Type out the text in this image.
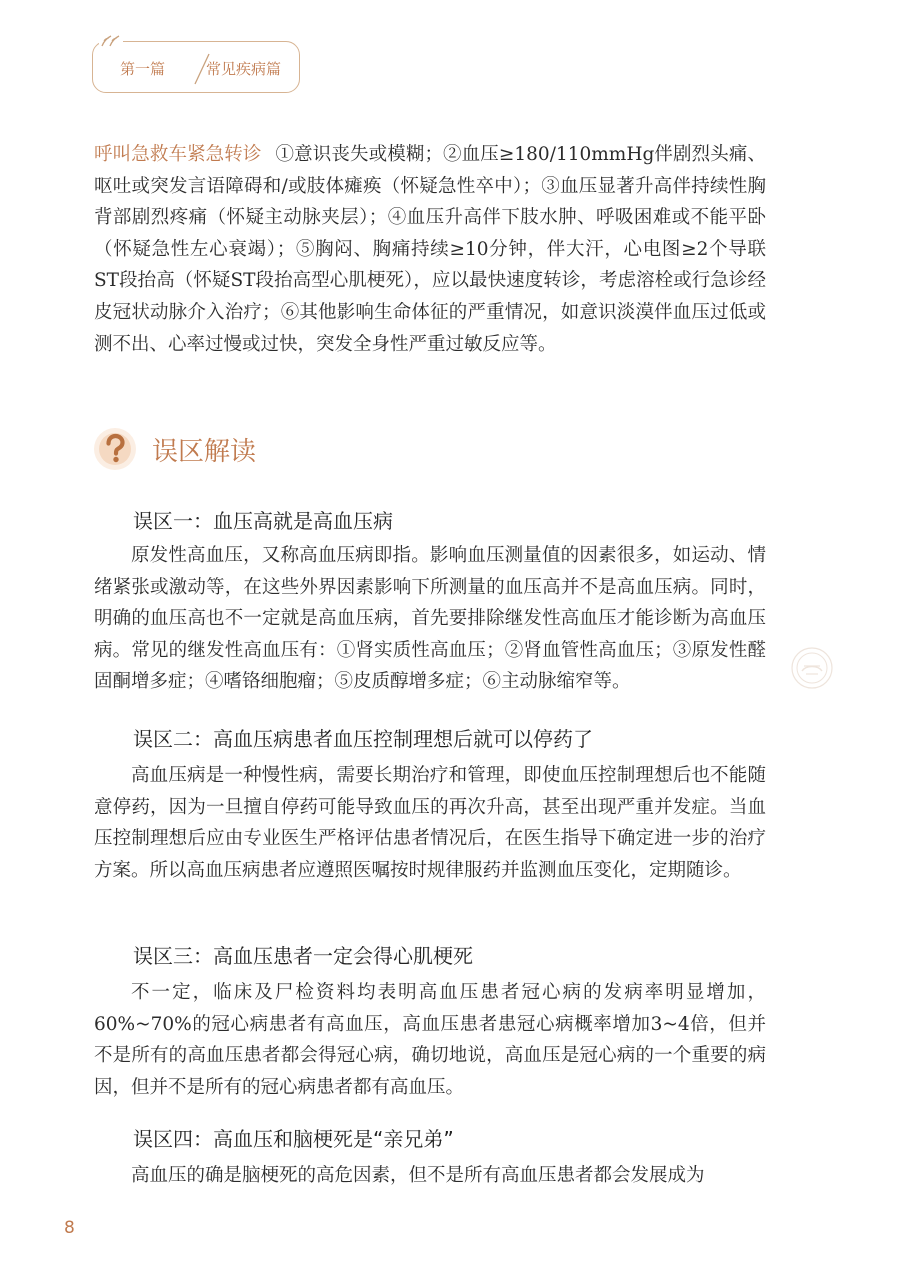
第一篇	常见疾病篇

呼叫急救车紧急转诊 ①意识丧失或模糊；②血压≥180/110mmHg伴剧烈头痛、呕吐或突发言语障碍和/或肢体瘫痪（怀疑急性卒中）；③血压显著升高伴持续性胸背部剧烈疼痛（怀疑主动脉夹层）；④血压升高伴下肢水肿、呼吸困难或不能平卧（怀疑急性左心衰竭）；⑤胸闷、胸痛持续≥10分钟，伴大汗，心电图≥2个导联ST段抬高（怀疑ST段抬高型心肌梗死），应以最快速度转诊，考虑溶栓或行急诊经皮冠状动脉介入治疗；⑥其他影响生命体征的严重情况，如意识淡漠伴血压过低或测不出、心率过慢或过快，突发全身性严重过敏反应等。

误区解读
误区一：血压高就是高血压病

原发性高血压，又称高血压病即指。影响血压测量值的因素很多，如运动、情绪紧张或激动等，在这些外界因素影响下所测量的血压高并不是高血压病。同时，明确的血压高也不一定就是高血压病，首先要排除继发性高血压才能诊断为高血压病。常见的继发性高血压有：①肾实质性高血压；②肾血管性高血压；③原发性醛固酮增多症；④嗜铬细胞瘤；⑤皮质醇增多症；⑥主动脉缩窄等。

误区二：高血压病患者血压控制理想后就可以停药了

高血压病是一种慢性病，需要长期治疗和管理，即使血压控制理想后也不能随意停药，因为一旦擅自停药可能导致血压的再次升高，甚至出现严重并发症。当血压控制理想后应由专业医生严格评估患者情况后，在医生指导下确定进一步的治疗方案。所以高血压病患者应遵照医嘱按时规律服药并监测血压变化，定期随诊。

误区三：高血压患者一定会得心肌梗死

不一定，临床及尸检资料均表明高血压患者冠心病的发病率明显增加，60%~70%的冠心病患者有高血压，高血压患者患冠心病概率增加3~4倍，但并不是所有的高血压患者都会得冠心病，确切地说，高血压是冠心病的一个重要的病因，但并不是所有的冠心病患者都有高血压。

误区四：高血压和脑梗死是“亲兄弟”

高血压的确是脑梗死的高危因素，但不是所有高血压患者都会发展成为

8
